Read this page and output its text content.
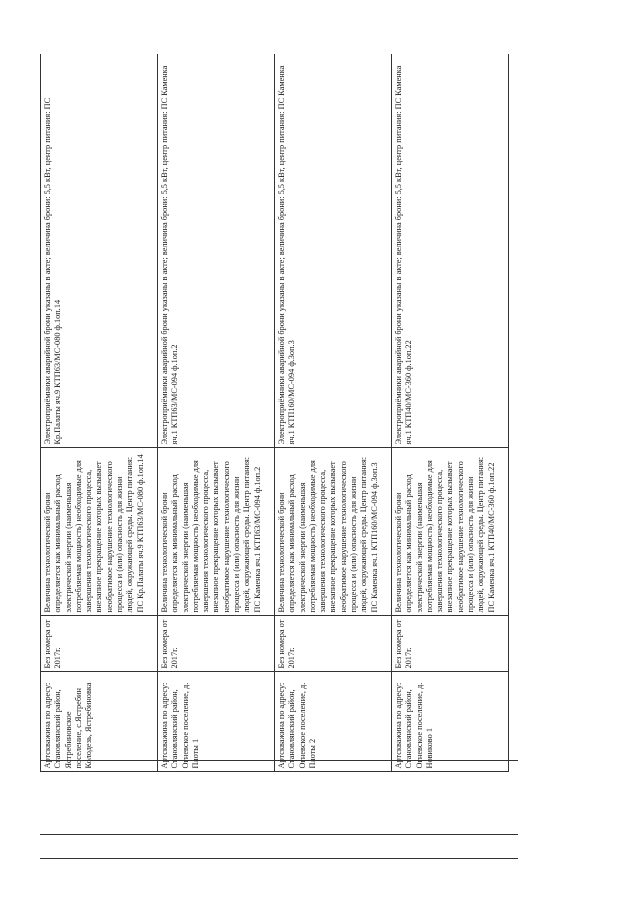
	Артскважина по адресу: Становлянский район, Ястребиновское поселение, с.Ястребин Колодезь, Ястребиновка	Без номера от 2017г.	Величина технологической брони определяется как минимальный расход электрической энергии (наименьшая потребляемая мощность) необходимые для завершения технологического процесса, внезапное прекращение которых вызывает необратимое нарушение технологического процесса и (или) опасность для жизни людей, окружающей среды. Центр питания: ПС Кр.Палаты яч.9 КТП63/МС-080 ф.1оп.14	Электроприёмники аварийной брони указаны в акте; величина брони: 5,5 кВт, центр питания: ПС Кр.Палаты яч.9 КТП63/МС-080 ф.1оп.14
	Артскважина по адресу: Становлянский район, Огневское поселение, д. Плоты 1	Без номера от 2017г.	Величина технологической брони определяется как минимальный расход электрической энергии (наименьшая потребляемая мощность) необходимые для завершения технологического процесса, внезапное прекращение которых вызывает необратимое нарушение технологического процесса и (или) опасность для жизни людей, окружающей среды. Центр питания: ПС Каменка яч.1 КТП63/МС-094 ф.1оп.2	Электроприёмники аварийной брони указаны в акте; величина брони: 5,5 кВт, центр питания: ПС Каменка яч.1 КТП63/МС-094 ф.1оп.2
	Артскважина по адресу: Становлянский район, Огневское поселение, д. Плоты 2	Без номера от 2017г.	Величина технологической брони определяется как минимальный расход электрической энергии (наименьшая потребляемая мощность) необходимые для завершения технологического процесса, внезапное прекращение которых вызывает необратимое нарушение технологического процесса и (или) опасность для жизни людей, окружающей среды. Центр питания: ПС Каменка яч.1 КТП160/МС-094 ф.3оп.3	Электроприёмники аварийной брони указаны в акте; величина брони: 5,5 кВт, центр питания: ПС Каменка яч.1 КТП160/МС-094 ф.3оп.3
	Артскважина по адресу: Становлянский район, Огневское поселение, д. Новиково 1	Без номера от 2017г.	Величина технологической брони определяется как минимальный расход электрической энергии (наименьшая потребляемая мощность) необходимые для завершения технологического процесса, внезапное прекращение которых вызывает необратимое нарушение технологического процесса и (или) опасность для жизни людей, окружающей среды. Центр питания: ПС Каменка яч.1 КТП40/МС-360 ф.1оп.22	Электроприёмники аварийной брони указаны в акте; величина брони: 5,5 кВт, центр питания: ПС Каменка яч.1 КТП40/МС-360 ф.1оп.22
